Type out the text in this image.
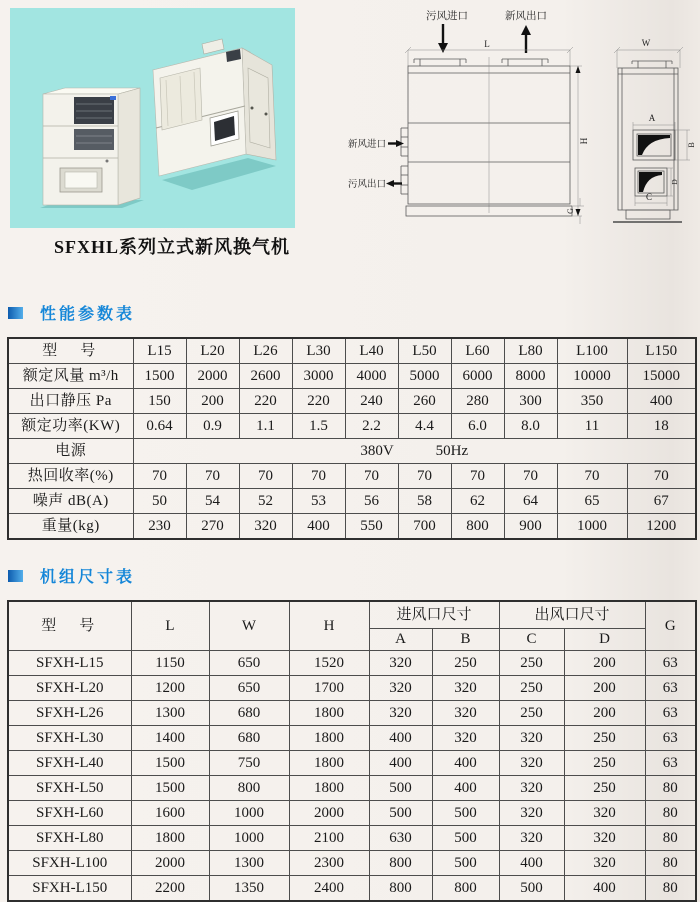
污风进口	新风出口
L
新风进口
污风出口
H
G
W
A
B
D
C
SFXHL系列立式新风换气机
性能参数表
型　号	L15	L20	L26	L30	L40	L50	L60	L80	L100	L150
额定风量 m³/h	1500	2000	2600	3000	4000	5000	6000	8000	10000	15000
出口静压 Pa	150	200	220	220	240	260	280	300	350	400
额定功率(KW)	0.64	0.9	1.1	1.5	2.2	4.4	6.0	8.0	11	18
电源	380V 50Hz									
热回收率(%)	70	70	70	70	70	70	70	70	70	70
噪声 dB(A)	50	54	52	53	56	58	62	64	65	67
重量(kg)	230	270	320	400	550	700	800	900	1000	1200
机组尺寸表
型　号	L	W	H	进风口尺寸		出风口尺寸		G
				A	B	C	D	
SFXH-L15	1150	650	1520	320	250	250	200	63
SFXH-L20	1200	650	1700	320	320	250	200	63
SFXH-L26	1300	680	1800	320	320	250	200	63
SFXH-L30	1400	680	1800	400	320	320	250	63
SFXH-L40	1500	750	1800	400	400	320	250	63
SFXH-L50	1500	800	1800	500	400	320	250	80
SFXH-L60	1600	1000	2000	500	500	320	320	80
SFXH-L80	1800	1000	2100	630	500	320	320	80
SFXH-L100	2000	1300	2300	800	500	400	320	80
SFXH-L150	2200	1350	2400	800	800	500	400	80
